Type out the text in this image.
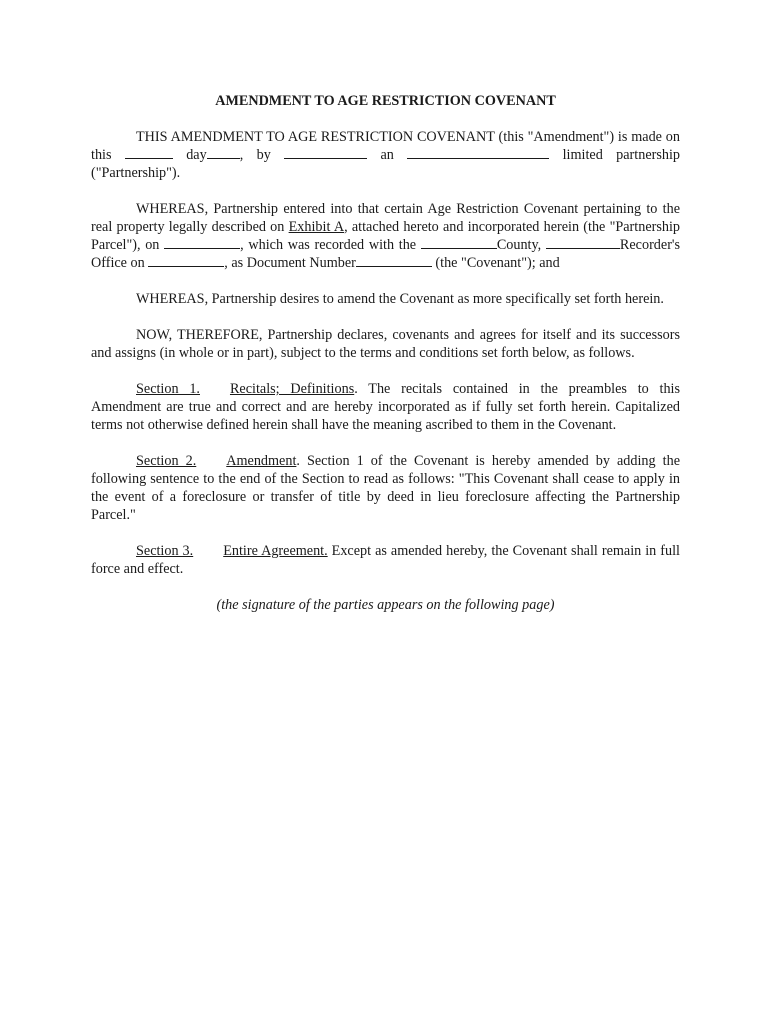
AMENDMENT TO AGE RESTRICTION COVENANT

THIS AMENDMENT TO AGE RESTRICTION COVENANT (this "Amendment") is made on this	day , by	an	limited partnership ("Partnership").

WHEREAS, Partnership entered into that certain Age Restriction Covenant pertaining to the real property legally described on Exhibit A, attached hereto and incorporated herein (the "Partnership Parcel"), on	, which was recorded with the	County,	Recorder's Office on	, as Document Number	(the "Covenant"); and

WHEREAS, Partnership desires to amend the Covenant as more specifically set forth herein.

NOW, THEREFORE, Partnership declares, covenants and agrees for itself and its successors and assigns (in whole or in part), subject to the terms and conditions set forth below, as follows.

Section 1. Recitals; Definitions. The recitals contained in the preambles to this Amendment are true and correct and are hereby incorporated as if fully set forth herein. Capitalized terms not otherwise defined herein shall have the meaning ascribed to them in the Covenant.

Section 2. Amendment. Section 1 of the Covenant is hereby amended by adding the following sentence to the end of the Section to read as follows: "This Covenant shall cease to apply in the event of a foreclosure or transfer of title by deed in lieu foreclosure affecting the Partnership Parcel."

Section 3. Entire Agreement. Except as amended hereby, the Covenant shall remain in full force and effect.

(the signature of the parties appears on the following page)
